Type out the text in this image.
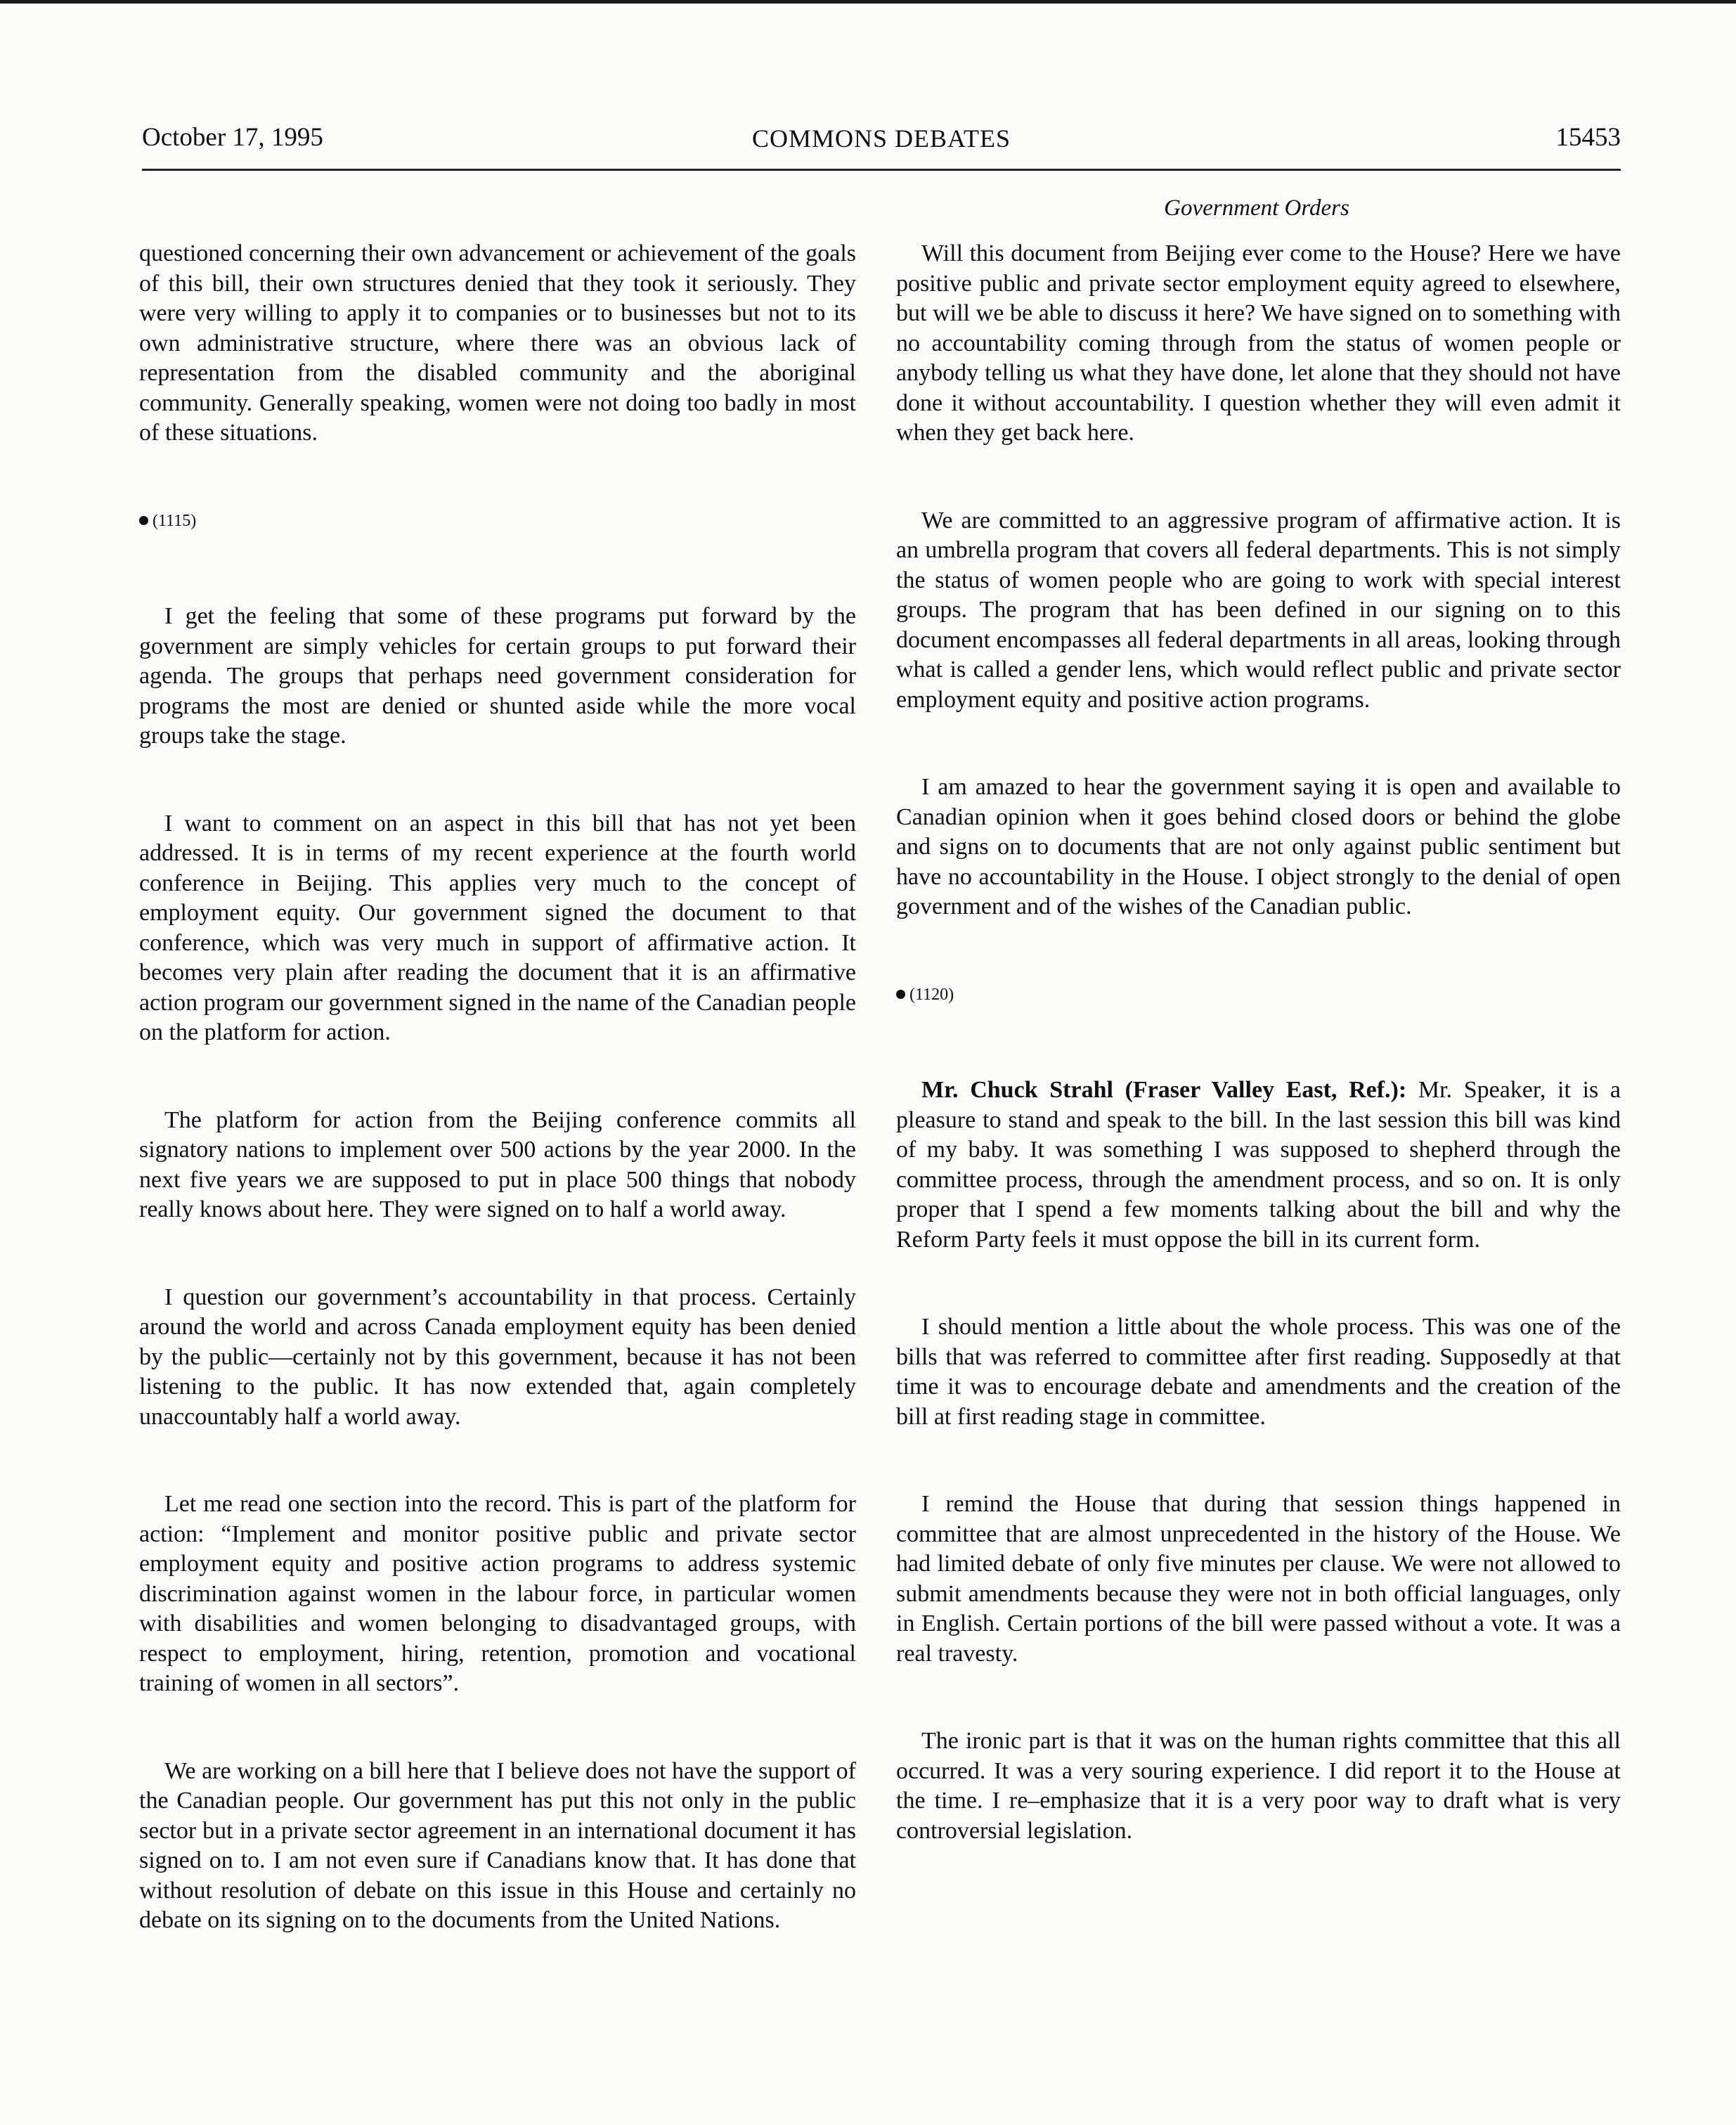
October 17, 1995	COMMONS DEBATES	15453
Government Orders

questioned concerning their own advancement or achievement of the goals of this bill, their own structures denied that they took it seriously. They were very willing to apply it to companies or to businesses but not to its own administrative structure, where there was an obvious lack of representation from the disabled community and the aboriginal community. Generally speaking, women were not doing too badly in most of these situations.

(1115)

I get the feeling that some of these programs put forward by the government are simply vehicles for certain groups to put forward their agenda. The groups that perhaps need government consideration for programs the most are denied or shunted aside while the more vocal groups take the stage.

I want to comment on an aspect in this bill that has not yet been addressed. It is in terms of my recent experience at the fourth world conference in Beijing. This applies very much to the concept of employment equity. Our government signed the document to that conference, which was very much in support of affirmative action. It becomes very plain after reading the document that it is an affirmative action program our government signed in the name of the Canadian people on the platform for action.

The platform for action from the Beijing conference commits all signatory nations to implement over 500 actions by the year 2000. In the next five years we are supposed to put in place 500 things that nobody really knows about here. They were signed on to half a world away.

I question our government’s accountability in that process. Certainly around the world and across Canada employment equity has been denied by the public—certainly not by this government, because it has not been listening to the public. It has now extended that, again completely unaccountably half a world away.

Let me read one section into the record. This is part of the platform for action: “Implement and monitor positive public and private sector employment equity and positive action programs to address systemic discrimination against women in the labour force, in particular women with disabilities and women belonging to disadvantaged groups, with respect to employment, hiring, retention, promotion and vocational training of women in all sectors”.

We are working on a bill here that I believe does not have the support of the Canadian people. Our government has put this not only in the public sector but in a private sector agreement in an international document it has signed on to. I am not even sure if Canadians know that. It has done that without resolution of debate on this issue in this House and certainly no debate on its signing on to the documents from the United Nations.

Will this document from Beijing ever come to the House? Here we have positive public and private sector employment equity agreed to elsewhere, but will we be able to discuss it here? We have signed on to something with no accountability coming through from the status of women people or anybody telling us what they have done, let alone that they should not have done it without accountability. I question whether they will even admit it when they get back here.

We are committed to an aggressive program of affirmative action. It is an umbrella program that covers all federal departments. This is not simply the status of women people who are going to work with special interest groups. The program that has been defined in our signing on to this document encompasses all federal departments in all areas, looking through what is called a gender lens, which would reflect public and private sector employment equity and positive action programs.

I am amazed to hear the government saying it is open and available to Canadian opinion when it goes behind closed doors or behind the globe and signs on to documents that are not only against public sentiment but have no accountability in the House. I object strongly to the denial of open government and of the wishes of the Canadian public.

(1120)

Mr. Chuck Strahl (Fraser Valley East, Ref.): Mr. Speaker, it is a pleasure to stand and speak to the bill. In the last session this bill was kind of my baby. It was something I was supposed to shepherd through the committee process, through the amendment process, and so on. It is only proper that I spend a few moments talking about the bill and why the Reform Party feels it must oppose the bill in its current form.

I should mention a little about the whole process. This was one of the bills that was referred to committee after first reading. Supposedly at that time it was to encourage debate and amendments and the creation of the bill at first reading stage in committee.

I remind the House that during that session things happened in committee that are almost unprecedented in the history of the House. We had limited debate of only five minutes per clause. We were not allowed to submit amendments because they were not in both official languages, only in English. Certain portions of the bill were passed without a vote. It was a real travesty.

The ironic part is that it was on the human rights committee that this all occurred. It was a very souring experience. I did report it to the House at the time. I re–emphasize that it is a very poor way to draft what is very controversial legislation.
